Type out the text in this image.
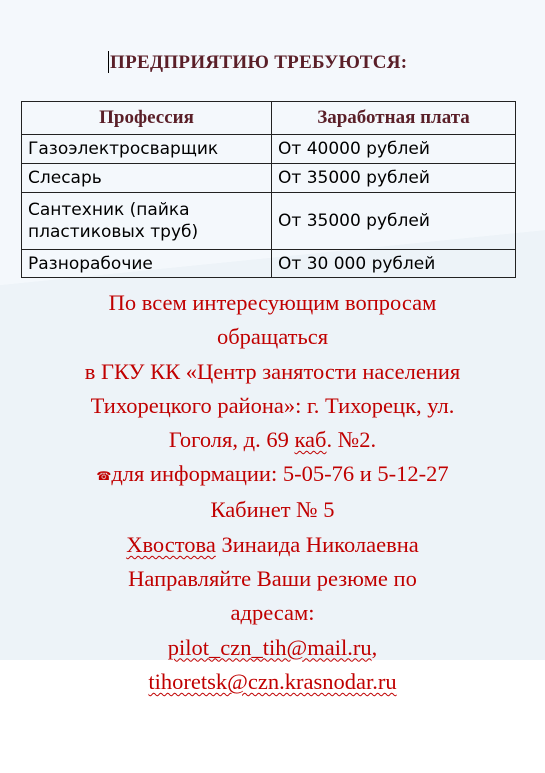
ПРЕДПРИЯТИЮ ТРЕБУЮТСЯ:
Профессия	Заработная плата
Газоэлектросварщик	От 40000 рублей
Слесарь	От 35000 рублей

Сантехник (пайка
пластиковых труб)	От 35000 рублей
Разнорабочие	От 30 000 рублей
По всем интересующим вопросам
обращаться
в ГКУ КК «Центр занятости населения
Тихорецкого района»: г. Тихорецк, ул.
Гоголя, д. 69 каб. №2.
☎для информации: 5-05-76 и 5-12-27
Кабинет № 5
Хвостова Зинаида Николаевна
Направляйте Ваши резюме по
адресам:
pilot_czn_tih@mail.ru,
tihoretsk@czn.krasnodar.ru
